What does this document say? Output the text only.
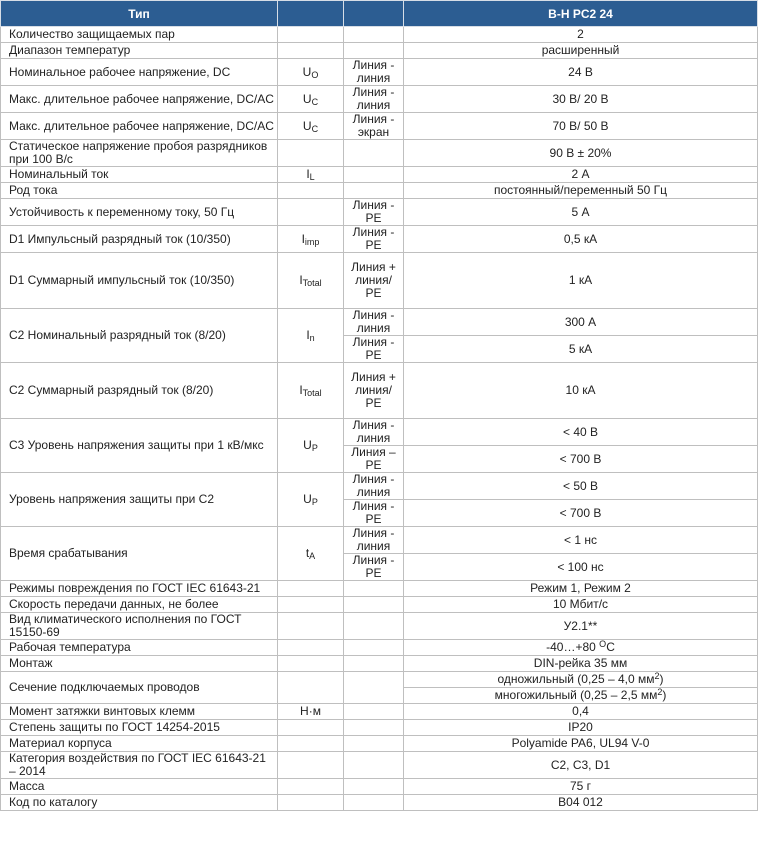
Тип			B-H PC2 24
Количество защищаемых пар			2
Диапазон температур			расширенный
Номинальное рабочее напряжение, DC	$U_O$	Линия - линия	24 В
Макс. длительное рабочее напряжение, DC/AC	$U_C$	Линия - линия	30 В/ 20 В
Макс. длительное рабочее напряжение, DC/AC	$U_C$	Линия - экран	70 В/ 50 В
Статическое напряжение пробоя разрядников при 100 В/с			90 В ± 20%
Номинальный ток	$I_L$		2 А
Род тока			постоянный/переменный 50 Гц
Устойчивость к переменному току, 50 Гц		Линия - PE	5 А
D1 Импульсный разрядный ток (10/350)	$I_{imp}$	Линия - PE	0,5 кА
D1 Суммарный импульсный ток (10/350)	$I_{Total}$	Линия + линия/ PE	1 кА
C2 Номинальный разрядный ток (8/20)	$I_n$	Линия - линия	300 А
		Линия - PE	5 кА
C2 Суммарный разрядный ток (8/20)	$I_{Total}$	Линия + линия/ PE	10 кА
C3 Уровень напряжения защиты при 1 кВ/мкс	$U_P$	Линия - линия	< 40 В
		Линия – PE	< 700 В
Уровень напряжения защиты при C2	$U_P$	Линия - линия	< 50 В
		Линия - PE	< 700 В
Время срабатывания	$t_A$	Линия - линия	< 1 нс
		Линия - PE	< 100 нс
Режимы повреждения по ГОСТ IEC 61643-21			Режим 1, Режим 2
Скорость передачи данных, не более			10 Мбит/с
Вид климатического исполнения по ГОСТ 15150-69			У2.1**
Рабочая температура			-40…+80 $^O$C
Монтаж			DIN-рейка 35 мм
Сечение подключаемых проводов			одножильный (0,25 – 4,0 $мм^2$)
			многожильный (0,25 – 2,5 $мм^2$)
Момент затяжки винтовых клемм	Н·м		0,4
Степень защиты по ГОСТ 14254-2015			IP20
Материал корпуса			Polyamide PA6, UL94 V-0
Категория воздействия по ГОСТ IEC 61643-21 – 2014			C2, C3, D1
Масса			75 г
Код по каталогу			B04 012
